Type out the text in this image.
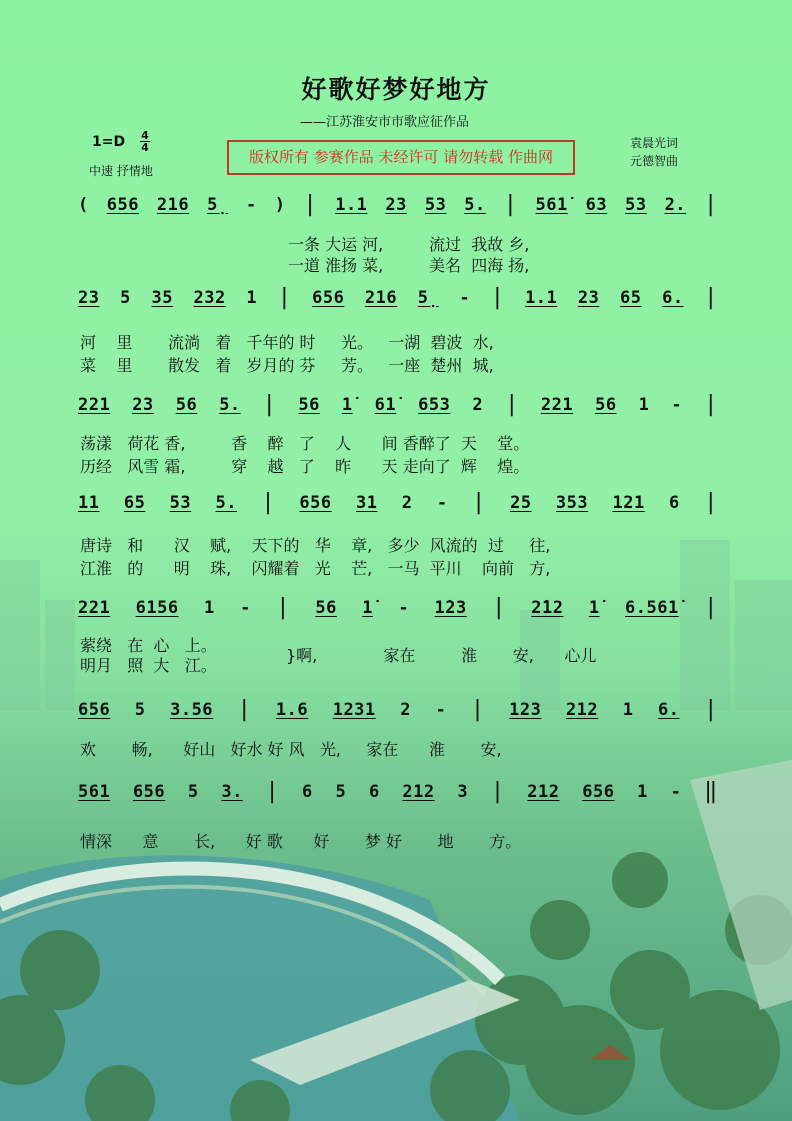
好歌好梦好地方
——江苏淮安市市歌应征作品
1=D 4
4
中速 抒情地
版权所有 参赛作品 未经许可 请勿转载 作曲网
袁晨光词
元德智曲
( 656 216 5̣ - ) | 1.1 23 53 5. | 561̇ 63 53 2. |
一条 大运 河,         流过  我故 乡,
一道 淮扬 菜,         美名  四海 扬,
23 5 35 232 1 | 656 216 5̣ - | 1.1 23 65 6. |
河    里       流淌   着   千年的 时     光。   一湖  碧波  水,
菜    里       散发   着   岁月的 芬     芳。   一座  楚州  城,
221 23 56 5. | 56 1̇ 61̇ 653 2 | 221 56 1 - |
荡漾   荷花 香,         香    醉   了    人      间 香醉了  天    堂。
历经   风雪 霜,         穿    越   了    昨      天 走向了  辉    煌。
11 65 53 5. | 656 31 2 - | 25 353 121 6 |
唐诗   和      汉    赋,    天下的   华    章,   多少  风流的  过     往,
江淮   的      明    珠,    闪耀着   光    芒,   一马  平川    向前   方,
221 6156 1 - | 56 1̇ - 1̇23 | 2̇12 1̇ 6.561̇ |
萦绕   在  心   上。
明月   照  大   江。
}啊,             家在         淮       安,      心儿
656 5 3.56 | 1.6 1231 2 - | 123 212 1 6. |
欢       畅,      好山   好水 好 风   光,     家在      淮       安,
561 656 5 3. | 6 5 6 212 3 | 212 656 1 - ‖
情深      意       长,      好 歌      好       梦 好       地       方。
